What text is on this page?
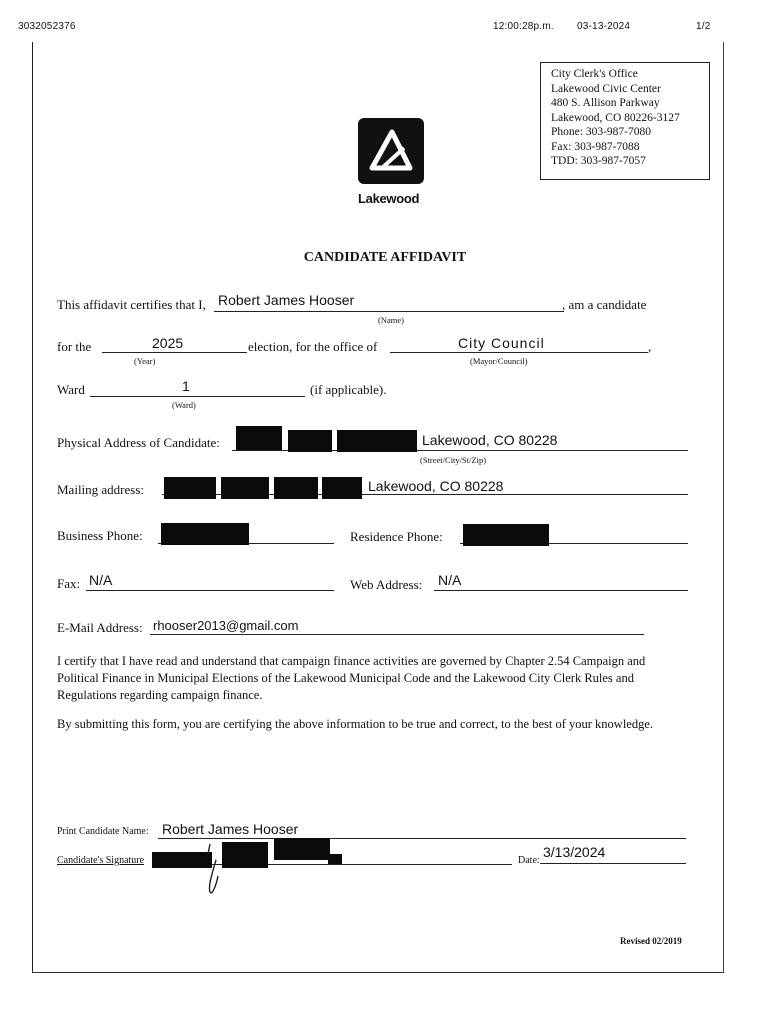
3032052376	12:00:28p.m. 03-13-2024	1/2
City Clerk's Office
Lakewood Civic Center
480 S. Allison Parkway
Lakewood, CO 80226-3127
Phone: 303-987-7080
Fax: 303-987-7088
TDD: 303-987-7057
Lakewood
CANDIDATE AFFIDAVIT
This affidavit certifies that I, Robert James Hooser	, am a candidate
(Name)
for the	2025	election, for the office of	City Council	,
(Year)	(Mayor/Council)
Ward	1	(if applicable).
(Ward)
Physical Address of Candidate:	Lakewood, CO 80228
(Street/City/St/Zip)
Mailing address:	Lakewood, CO 80228
Business Phone:	Residence Phone:
Fax: N/A	Web Address: N/A
E-Mail Address: rhooser2013@gmail.com
I certify that I have read and understand that campaign finance activities are governed by Chapter 2.54 Campaign and Political Finance in Municipal Elections of the Lakewood Municipal Code and the Lakewood City Clerk Rules and Regulations regarding campaign finance.
By submitting this form, you are certifying the above information to be true and correct, to the best of your knowledge.
Print Candidate Name: Robert James Hooser
Candidate's Signature	Date:
3/13/2024
Revised 02/2019
